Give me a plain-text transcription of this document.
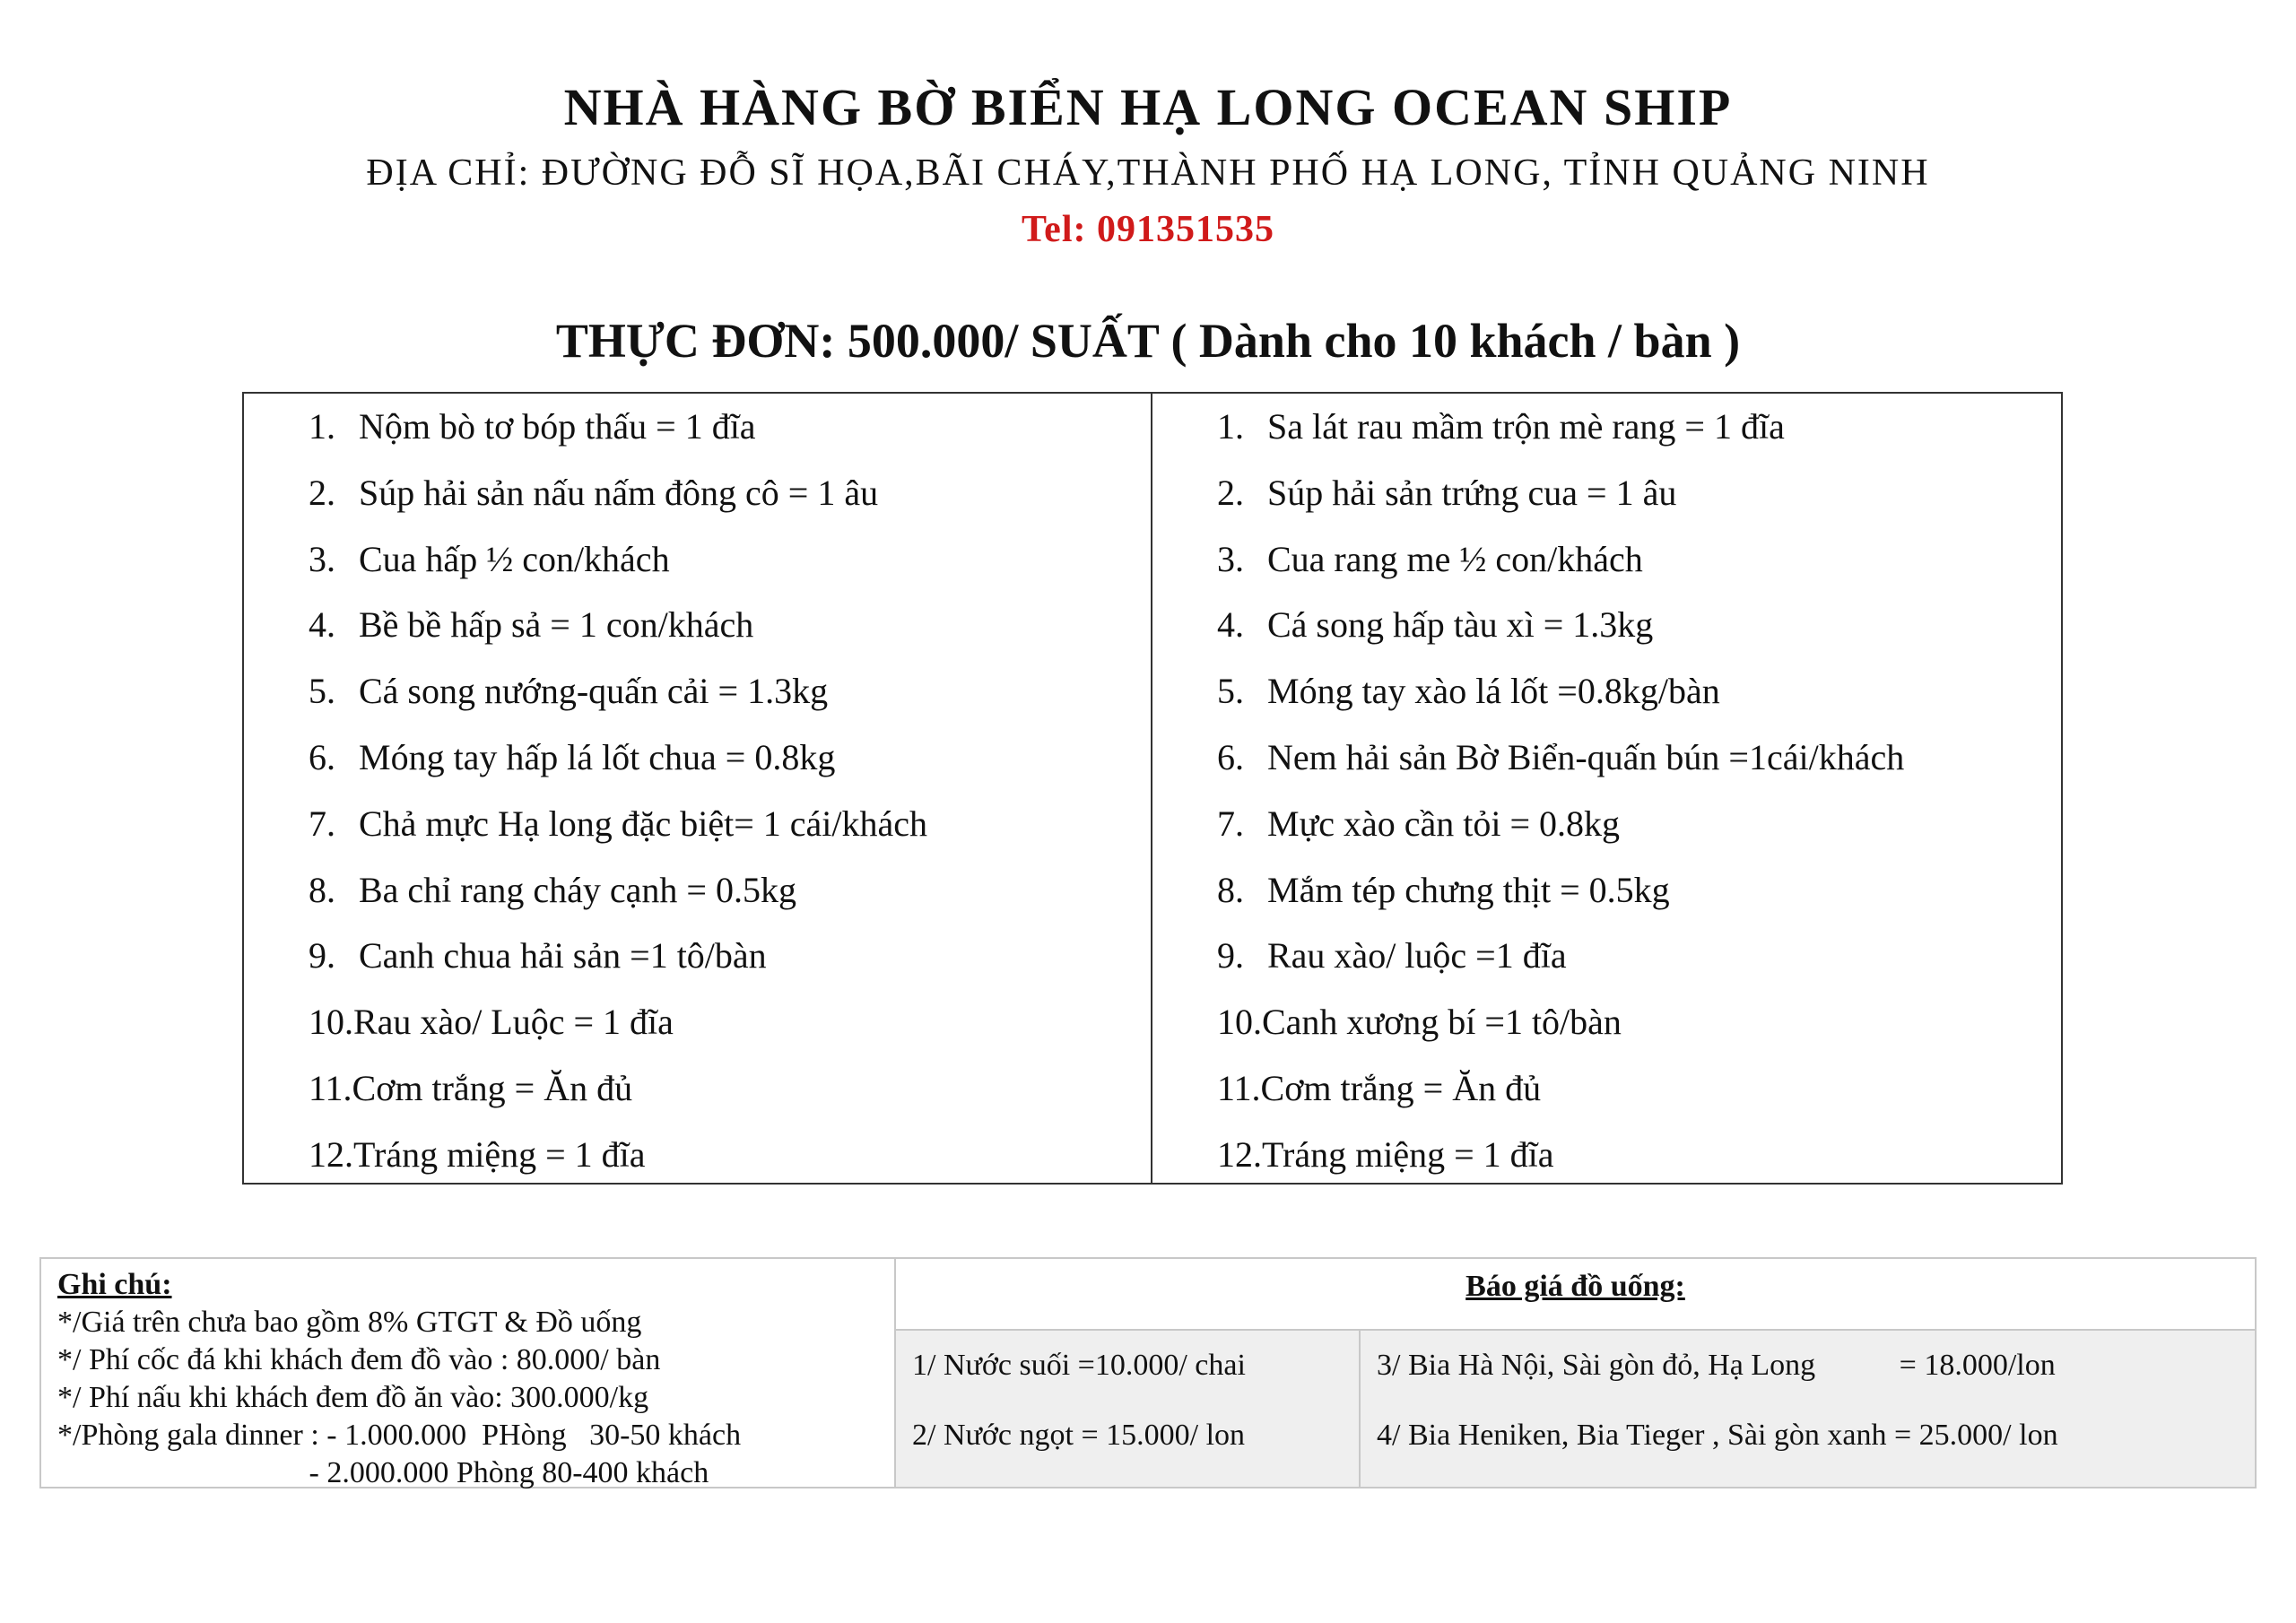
NHÀ HÀNG BỜ BIỂN HẠ LONG OCEAN SHIP

ĐỊA CHỈ: ĐƯỜNG ĐỖ SĨ HỌA,BÃI CHÁY,THÀNH PHỐ HẠ LONG, TỈNH QUẢNG NINH

Tel: 091351535

THỰC ĐƠN: 500.000/ SUẤT ( Dành cho 10 khách / bàn )

1. Nộm bò tơ bóp thấu = 1 đĩa
2. Súp hải sản nấu nấm đông cô = 1 âu
3. Cua hấp ½ con/khách
4. Bề bề hấp sả = 1 con/khách
5. Cá song nướng-quấn cải = 1.3kg
6. Móng tay hấp lá lốt chua = 0.8kg
7. Chả mực Hạ long đặc biệt= 1 cái/khách
8. Ba chỉ rang cháy cạnh = 0.5kg
9. Canh chua hải sản =1 tô/bàn
10. Rau xào/ Luộc = 1 đĩa
11. Cơm trắng = Ăn đủ
12. Tráng miệng = 1 đĩa
1. Sa lát rau mầm trộn mè rang = 1 đĩa
2. Súp hải sản trứng cua = 1 âu
3. Cua rang me ½ con/khách
4. Cá song hấp tàu xì = 1.3kg
5. Móng tay xào lá lốt =0.8kg/bàn
6. Nem hải sản Bờ Biển-quấn bún =1cái/khách
7. Mực xào cần tỏi = 0.8kg
8. Mắm tép chưng thịt = 0.5kg
9. Rau xào/ luộc =1 đĩa
10. Canh xương bí =1 tô/bàn
11. Cơm trắng = Ăn đủ
12. Tráng miệng = 1 đĩa

Ghi chú:

*/Giá trên chưa bao gồm 8% GTGT & Đồ uống

*/ Phí cốc đá khi khách đem đồ vào : 80.000/ bàn

*/ Phí nấu khi khách đem đồ ăn vào: 300.000/kg

*/Phòng gala dinner : - 1.000.000  PHòng   30-50 khách

- 2.000.000 Phòng 80-400 khách

Báo giá đồ uống:

1/ Nước suối =10.000/ chai

2/ Nước ngọt = 15.000/ lon

3/ Bia Hà Nội, Sài gòn đỏ, Hạ Long           = 18.000/lon

4/ Bia Heniken, Bia Tieger , Sài gòn xanh = 25.000/ lon
